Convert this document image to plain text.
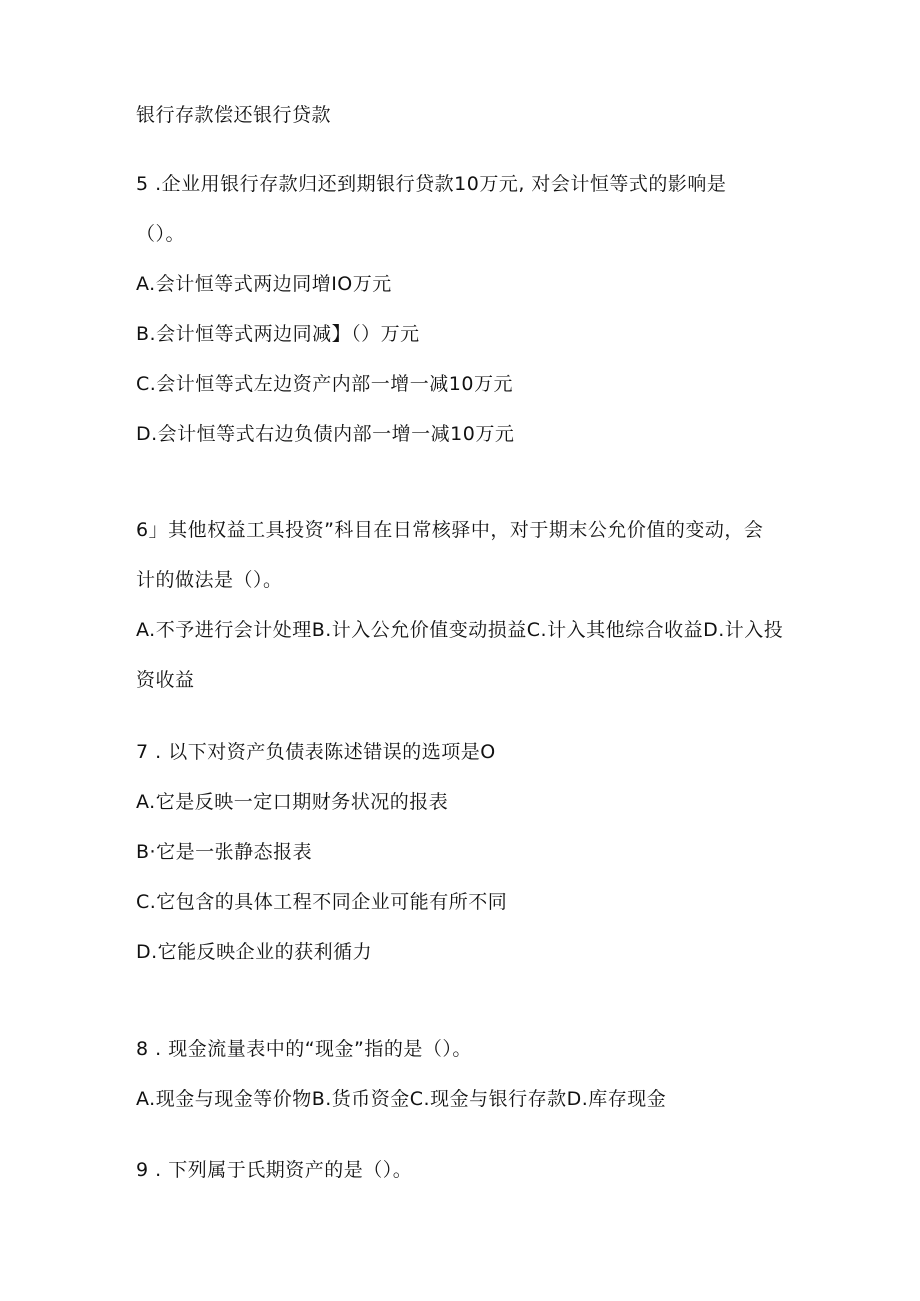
银行存款偿还银行贷款
5 .企业用银行存款归还到期银行贷款10万元, 对会计恒等式的影响是
（）。
A.会计恒等式两边同增IO万元
B.会计恒等式两边同减】（）万元
C.会计恒等式左边资产内部一增一减10万元
D.会计恒等式右边负债内部一增一减10万元
6」其他权益工具投资”科目在日常核驿中，对于期末公允价值的变动，会
计的做法是（）。
A.不予进行会计处理B.计入公允价值变动损益C.计入其他综合收益D.计入投
资收益
7 . 以下对资产负债表陈述错误的选项是O
A.它是反映一定口期财务状况的报表
B·它是一张静态报表
C.它包含的具体工程不同企业可能有所不同
D.它能反映企业的获利循力
8 . 现金流量表中的“现金”指的是（）。
A.现金与现金等价物B.货币资金C.现金与银行存款D.库存现金
9 . 下列属于氏期资产的是（）。
